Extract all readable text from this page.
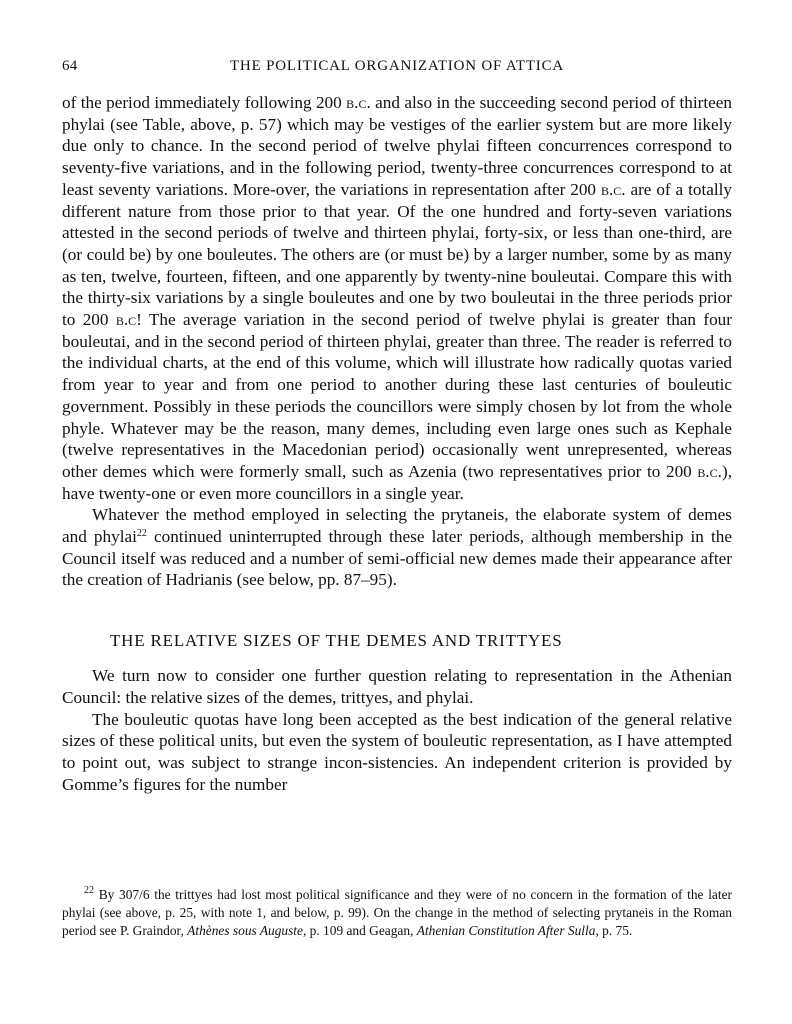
64	THE POLITICAL ORGANIZATION OF ATTICA

of the period immediately following 200 b.c. and also in the succeeding second period of thirteen phylai (see Table, above, p. 57) which may be vestiges of the earlier system but are more likely due only to chance. In the second period of twelve phylai fifteen concurrences correspond to seventy-five variations, and in the following period, twenty-three concurrences correspond to at least seventy variations. More-over, the variations in representation after 200 b.c. are of a totally different nature from those prior to that year. Of the one hundred and forty-seven variations attested in the second periods of twelve and thirteen phylai, forty-six, or less than one-third, are (or could be) by one bouleutes. The others are (or must be) by a larger number, some by as many as ten, twelve, fourteen, fifteen, and one apparently by twenty-nine bouleutai. Compare this with the thirty-six variations by a single bouleutes and one by two bouleutai in the three periods prior to 200 b.c! The average variation in the second period of twelve phylai is greater than four bouleutai, and in the second period of thirteen phylai, greater than three. The reader is referred to the individual charts, at the end of this volume, which will illustrate how radically quotas varied from year to year and from one period to another during these last centuries of bouleutic government. Possibly in these periods the councillors were simply chosen by lot from the whole phyle. Whatever may be the reason, many demes, including even large ones such as Kephale (twelve representatives in the Macedonian period) occasionally went unrepresented, whereas other demes which were formerly small, such as Azenia (two representatives prior to 200 b.c.), have twenty-one or even more councillors in a single year.

Whatever the method employed in selecting the prytaneis, the elaborate system of demes and phylai$^{22}$ continued uninterrupted through these later periods, although membership in the Council itself was reduced and a number of semi-official new demes made their appearance after the creation of Hadrianis (see below, pp. 87–95).

THE RELATIVE SIZES OF THE DEMES AND TRITTYES

We turn now to consider one further question relating to representation in the Athenian Council: the relative sizes of the demes, trittyes, and phylai.

The bouleutic quotas have long been accepted as the best indication of the general relative sizes of these political units, but even the system of bouleutic representation, as I have attempted to point out, was subject to strange incon-sistencies. An independent criterion is provided by Gomme’s figures for the number

$^{22}$ By 307/6 the trittyes had lost most political significance and they were of no concern in the formation of the later phylai (see above, p. 25, with note 1, and below, p. 99). On the change in the method of selecting prytaneis in the Roman period see P. Graindor, Athènes sous Auguste, p. 109 and Geagan, Athenian Constitution After Sulla, p. 75.
